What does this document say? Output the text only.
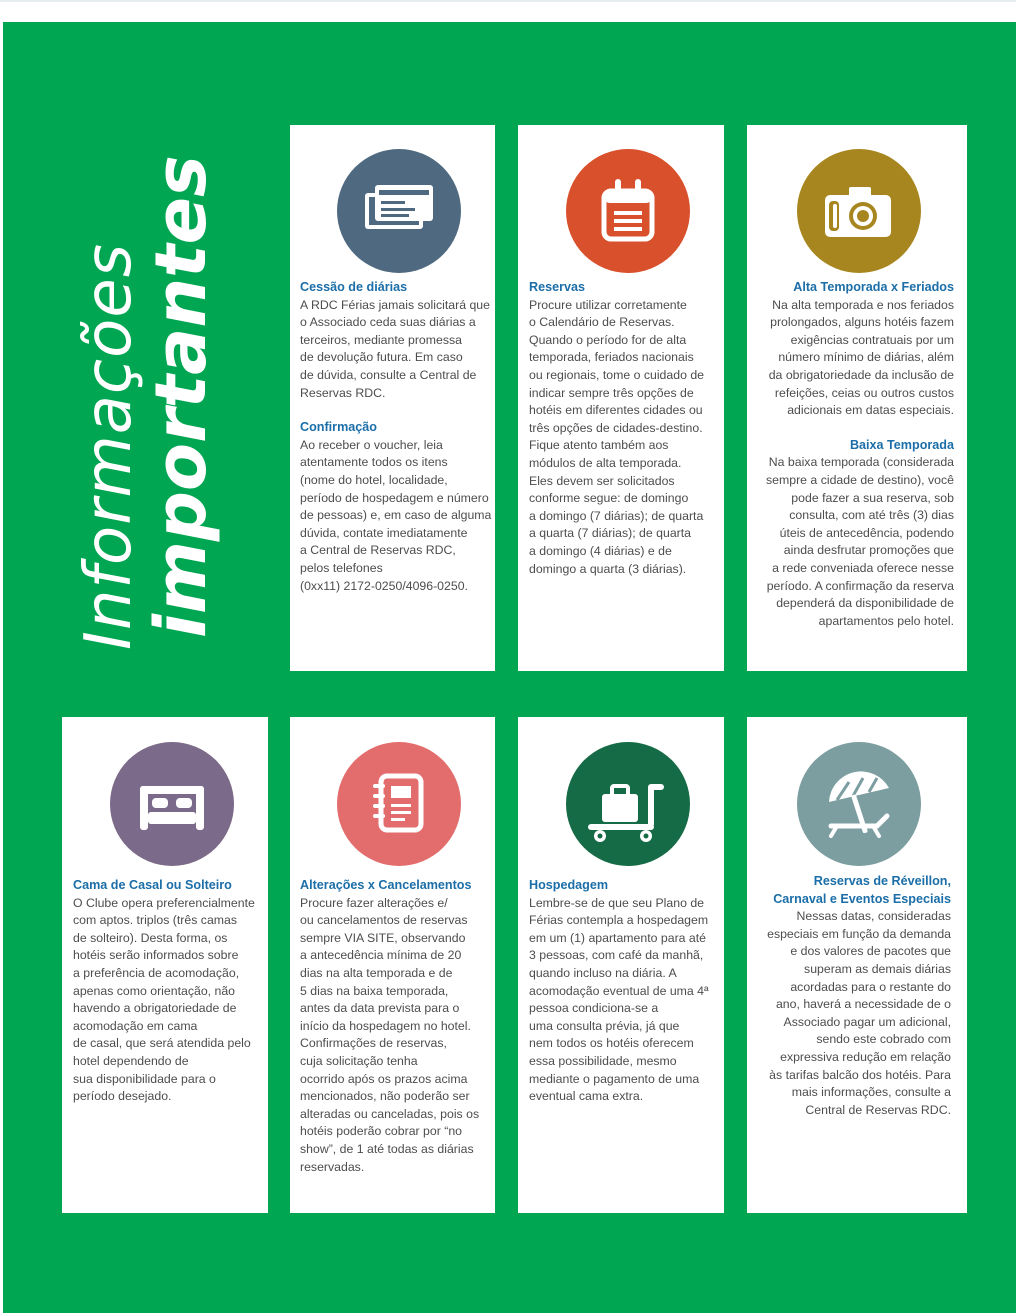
Informações
importantes	Cessão de diárias
A RDC Férias jamais solicitará que
o Associado ceda suas diárias a
terceiros, mediante promessa
de devolução futura. Em caso
de dúvida, consulte a Central de
Reservas RDC.
Confirmação
Ao receber o voucher, leia
atentamente todos os itens
(nome do hotel, localidade,
período de hospedagem e número
de pessoas) e, em caso de alguma
dúvida, contate imediatamente
a Central de Reservas RDC,
pelos telefones
(0xx11) 2172-0250/4096-0250.
Reservas
Procure utilizar corretamente
o Calendário de Reservas.
Quando o período for de alta
temporada, feriados nacionais
ou regionais, tome o cuidado de
indicar sempre três opções de
hotéis em diferentes cidades ou
três opções de cidades-destino.
Fique atento também aos
módulos de alta temporada.
Eles devem ser solicitados
conforme segue: de domingo
a domingo (7 diárias); de quarta
a quarta (7 diárias); de quarta
a domingo (4 diárias) e de
domingo a quarta (3 diárias).
Alta Temporada x Feriados
Na alta temporada e nos feriados
prolongados, alguns hotéis fazem
exigências contratuais por um
número mínimo de diárias, além
da obrigatoriedade da inclusão de
refeições, ceias ou outros custos
adicionais em datas especiais.
Baixa Temporada
Na baixa temporada (considerada
sempre a cidade de destino), você
pode fazer a sua reserva, sob
consulta, com até três (3) dias
úteis de antecedência, podendo
ainda desfrutar promoções que
a rede conveniada oferece nesse
período. A confirmação da reserva
dependerá da disponibilidade de
apartamentos pelo hotel.
Cama de Casal ou Solteiro
O Clube opera preferencialmente
com aptos. triplos (três camas
de solteiro). Desta forma, os
hotéis serão informados sobre
a preferência de acomodação,
apenas como orientação, não
havendo a obrigatoriedade de
acomodação em cama
de casal, que será atendida pelo
hotel dependendo de
sua disponibilidade para o
período desejado.
Alterações x Cancelamentos
Procure fazer alterações e/
ou cancelamentos de reservas
sempre VIA SITE, observando
a antecedência mínima de 20
dias na alta temporada e de
5 dias na baixa temporada,
antes da data prevista para o
início da hospedagem no hotel.
Confirmações de reservas,
cuja solicitação tenha
ocorrido após os prazos acima
mencionados, não poderão ser
alteradas ou canceladas, pois os
hotéis poderão cobrar por “no
show”, de 1 até todas as diárias
reservadas.
Hospedagem
Lembre-se de que seu Plano de
Férias contempla a hospedagem
em um (1) apartamento para até
3 pessoas, com café da manhã,
quando incluso na diária. A
acomodação eventual de uma 4ª
pessoa condiciona-se a
uma consulta prévia, já que
nem todos os hotéis oferecem
essa possibilidade, mesmo
mediante o pagamento de uma
eventual cama extra.
Reservas de Réveillon,
Carnaval e Eventos Especiais
Nessas datas, consideradas
especiais em função da demanda
e dos valores de pacotes que
superam as demais diárias
acordadas para o restante do
ano, haverá a necessidade de o
Associado pagar um adicional,
sendo este cobrado com
expressiva redução em relação
às tarifas balcão dos hotéis. Para
mais informações, consulte a
Central de Reservas RDC.
